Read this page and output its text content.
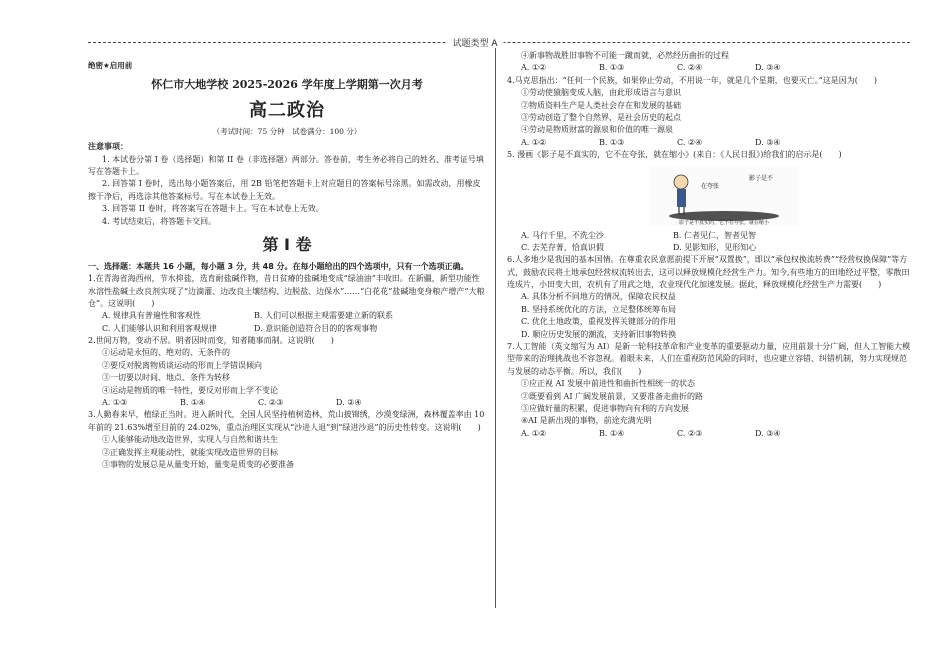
试题类型 A

绝密★启用前

怀仁市大地学校 2025-2026 学年度上学期第一次月考

高二政治

（考试时间：75 分钟　试卷满分：100 分）

注意事项：

1. 本试卷分第 I 卷（选择题）和第 II 卷（非选择题）两部分。答卷前，考生务必将自己的姓名、准考证号填写在答题卡上。

2. 回答第 I 卷时，选出每小题答案后，用 2B 铅笔把答题卡上对应题目的答案标号涂黑。如需改动，用橡皮擦干净后，再选涂其他答案标号。写在本试卷上无效。

3. 回答第 II 卷时，将答案写在答题卡上。写在本试卷上无效。

4. 考试结束后，将答题卡交回。

第 I 卷

一、选择题：本题共 16 小题，每小题 3 分，共 48 分。在每小题给出的四个选项中，只有一个选项正确。

1.在青海省海西州，节水抑盐，选育耐盐碱作物，昔日贫瘠的盐碱地变成“绿油油”丰收田。在新疆，新型功能性水溶性盐碱土改良剂实现了“边滴灌、边改良土壤结构、边脱盐、边保水”……“白花花”盐碱地变身粮产增产“大粮仓”。这说明(　　)

A. 规律具有普遍性和客观性	B. 人们可以根据主观需要建立新的联系
C. 人们能够认识和利用客观规律	D. 意识能创造符合目的的客观事物

2.世间万物，变动不居。明者因时而变，知者随事而制。这说明(　　)

①运动是永恒的、绝对的、无条件的

②要反对脱离物质谈运动的形而上学错误倾向

③一切要以时间、地点、条件为转移

④运动是物质的唯一特性，要反对形而上学不变论

A. ①③	B. ①④	C. ②③	D. ②④

3.人勤春来早，植绿正当时。进入新时代，全国人民坚持植树造林，荒山披锦绣，沙漠变绿洲，森林覆盖率由 10 年前的 21.63%增至目前的 24.02%，重点治理区实现从“沙进人退”到“绿进沙退”的历史性转变。这说明(　　)

①人能够能动地改造世界，实现人与自然和谐共生

②正确发挥主观能动性，就能实现改造世界的目标

③事物的发展总是从量变开始，量变是质变的必要准备

④新事物战胜旧事物不可能一蹴而就，必然经历曲折的过程

A. ①②	B. ①③	C. ②④	D. ③④

4.马克思指出：“任何一个民族，如果停止劳动，不用说一年，就是几个星期，也要灭亡。”这是因为(　　)

①劳动使猿脑变成人脑，由此形成语言与意识

②物质资料生产是人类社会存在和发展的基础

③劳动创造了整个自然界，是社会历史的起点

④劳动是物质财富的源泉和价值的唯一源泉

A. ①②	B. ①③	C. ②④	D. ③④

5. 漫画《影子是不真实的，它不在夸张，就在缩小》(来自：《人民日报》)给我们的启示是(　　)

影子是不
在夸张
影子是不真实的，它不在夸张，就在缩小
A. 马行千里，不洗尘沙	B. 仁者见仁，智者见智
C. 去芜存菁，恰真识假	D. 见影知形，见形知心

6.人多地少是我国的基本国情。在尊重农民意愿前提下开展“双置换”，即以“承包权换流转费”“经营权换保障”等方式，鼓励农民将土地承包经营权流转出去，这可以释放规模化经营生产力。知今,有些地方的田地经过平整，零散田连成片，小田变大田，农机有了用武之地，农业现代化加速发展。据此，释放规模化经营生产力需要(　　)

A. 具体分析不同地方的情况，保障农民权益

B. 坚持系统优化的方法，立足整体统筹布局

C. 优化土地政策，重视发挥关键部分的作用

D. 顺应历史发展的潮流，支持新旧事物转换

7.人工智能（英文缩写为 AI）是新一轮科技革命和产业变革的重要驱动力量，应用前景十分广阔，但人工智能大模型带来的治理挑战也不容忽视。着眼未来，人们在重视防范风险的同时，也应建立容错、纠错机制，努力实现规范与发展的动态平衡。所以，我们(　　)

①应正视 AI 发展中前进性和曲折性相统一的状态

②既要看到 AI 广阔发展前景，又要准备走曲折的路

③应做好量的积累，促进事物向有利的方向发展

④AI 是新出现的事物，前途充满光明

A. ①②	B. ①④	C. ②③	D. ③④
